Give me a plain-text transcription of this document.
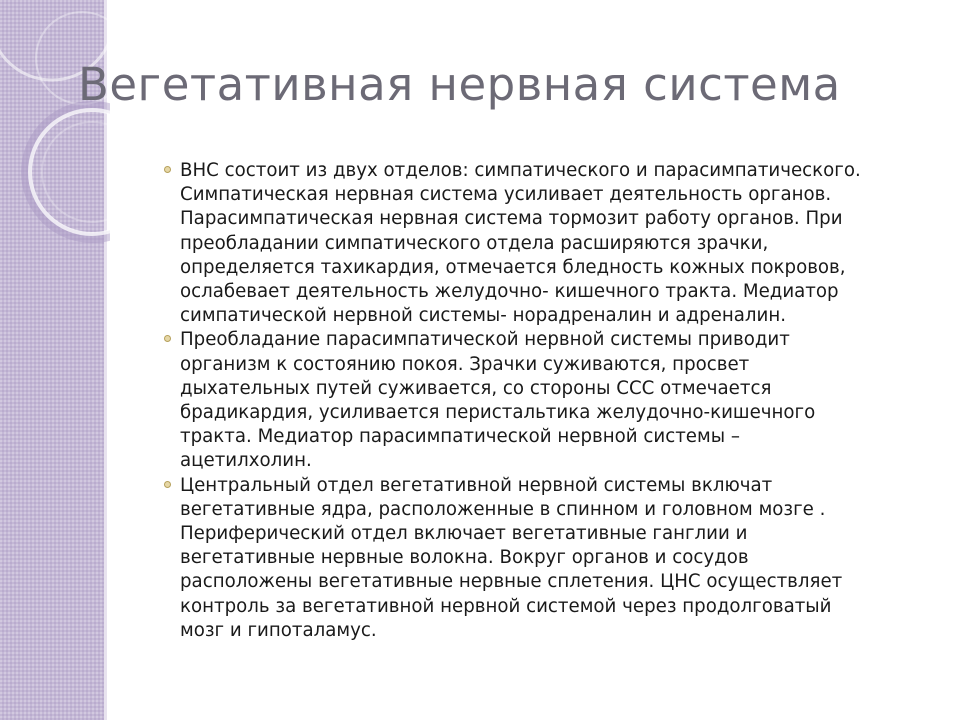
Вегетативная нервная система
ВНС состоит из двух отделов: симпатического и парасимпатического.
Симпатическая нервная система усиливает деятельность органов.
Парасимпатическая нервная система тормозит работу органов. При
преобладании симпатического отдела расширяются зрачки,
определяется тахикардия, отмечается бледность кожных покровов,
ослабевает деятельность желудочно- кишечного тракта. Медиатор
симпатической нервной системы- норадреналин и адреналин.
Преобладание парасимпатической нервной системы приводит
организм к состоянию покоя. Зрачки суживаются, просвет
дыхательных путей суживается, со стороны ССС отмечается
брадикардия, усиливается перистальтика желудочно-кишечного
тракта. Медиатор парасимпатической нервной системы –
ацетилхолин.
Центральный отдел вегетативной нервной системы включат
вегетативные ядра, расположенные в спинном и головном мозге .
Периферический отдел включает вегетативные ганглии и
вегетативные нервные волокна. Вокруг органов и сосудов
расположены вегетативные нервные сплетения. ЦНС осуществляет
контроль за вегетативной нервной системой через продолговатый
мозг и гипоталамус.
